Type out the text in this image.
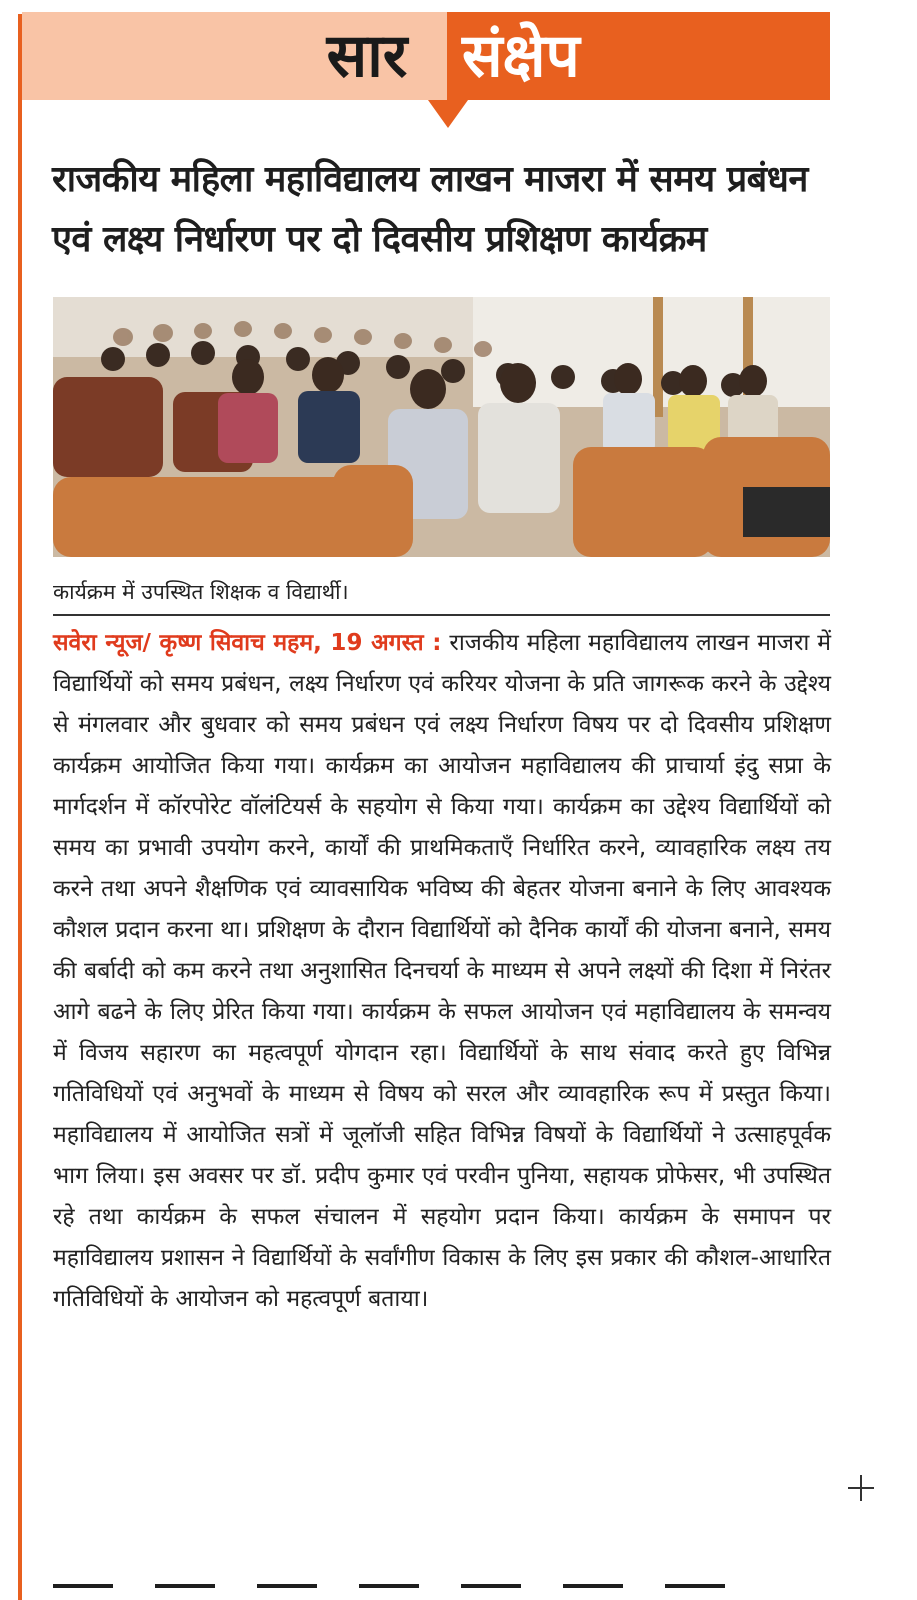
सार संक्षेप
राजकीय महिला महाविद्यालय लाखन माजरा में समय प्रबंधन एवं लक्ष्य निर्धारण पर दो दिवसीय प्रशिक्षण कार्यक्रम
कार्यक्रम में उपस्थित शिक्षक व विद्यार्थी।
सवेरा न्यूज/ कृष्ण सिवाच महम, 19 अगस्त : राजकीय महिला महाविद्यालय लाखन माजरा में विद्यार्थियों को समय प्रबंधन, लक्ष्य निर्धारण एवं करियर योजना के प्रति जागरूक करने के उद्देश्य से मंगलवार और बुधवार को समय प्रबंधन एवं लक्ष्य निर्धारण विषय पर दो दिवसीय प्रशिक्षण कार्यक्रम आयोजित किया गया। कार्यक्रम का आयोजन महाविद्यालय की प्राचार्या इंदु सप्रा के मार्गदर्शन में कॉरपोरेट वॉलंटियर्स के सहयोग से किया गया। कार्यक्रम का उद्देश्य विद्यार्थियों को समय का प्रभावी उपयोग करने, कार्यों की प्राथमिकताएँ निर्धारित करने, व्यावहारिक लक्ष्य तय करने तथा अपने शैक्षणिक एवं व्यावसायिक भविष्य की बेहतर योजना बनाने के लिए आवश्यक कौशल प्रदान करना था। प्रशिक्षण के दौरान विद्यार्थियों को दैनिक कार्यों की योजना बनाने, समय की बर्बादी को कम करने तथा अनुशासित दिनचर्या के माध्यम से अपने लक्ष्यों की दिशा में निरंतर आगे बढने के लिए प्रेरित किया गया। कार्यक्रम के सफल आयोजन एवं महाविद्यालय के समन्वय में विजय सहारण का महत्वपूर्ण योगदान रहा। विद्यार्थियों के साथ संवाद करते हुए विभिन्न गतिविधियों एवं अनुभवों के माध्यम से विषय को सरल और व्यावहारिक रूप में प्रस्तुत किया। महाविद्यालय में आयोजित सत्रों में जूलॉजी सहित विभिन्न विषयों के विद्यार्थियों ने उत्साहपूर्वक भाग लिया। इस अवसर पर डॉ. प्रदीप कुमार एवं परवीन पुनिया, सहायक प्रोफेसर, भी उपस्थित रहे तथा कार्यक्रम के सफल संचालन में सहयोग प्रदान किया। कार्यक्रम के समापन पर महाविद्यालय प्रशासन ने विद्यार्थियों के सर्वांगीण विकास के लिए इस प्रकार की कौशल-आधारित गतिविधियों के आयोजन को महत्वपूर्ण बताया।
